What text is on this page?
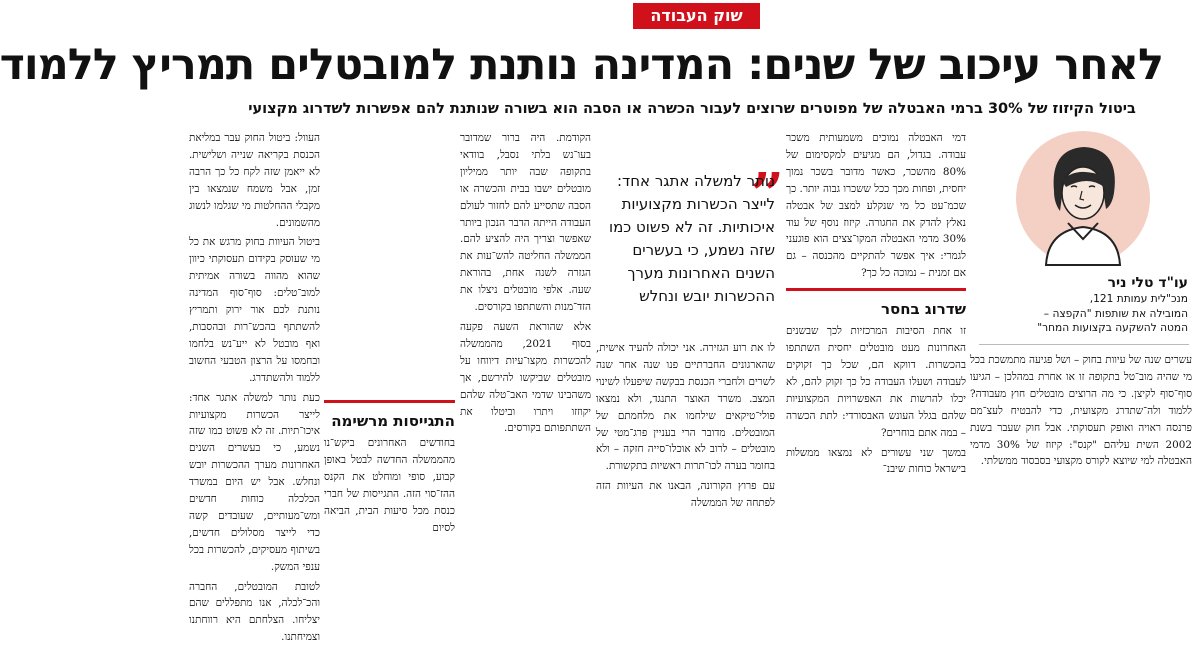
שוק העבודה
לאחר עיכוב של שנים: המדינה נותנת למובטלים תמריץ ללמוד
ביטול הקיזוז של 30% ברמי האבטלה של מפוטרים שרוצים לעבור הכשרה או הסבה הוא בשורה שנותנת להם אפשרות לשדרוג מקצועי
עו"ד טלי ניר
מנכ"לית עמותת 121,
המובילה את שותפות "הקפצה –
המטה להשקעה בקצועות המחר"

עשרים שנה של עיוות בחוק – ושל פגיעה מתמשכת בכל מי שהיה מוב־טל בתקופה זו או אחרת במהלכן – הגיעו סוף־סוף לקיצן. כי מה הרוצים מובטלים חוץ מעבודה? ללמוד ולה־שתדרג מקצועית, כדי להבטיח לעצ־מם פרנסה ראויה ואופק תעסוקתי. אבל חוק שעבר בשנת 2002 השית עליהם "קנס": קיזוז של 30% מדמי האבטלה למי שיוצא לקורס מקצועי בסבסוד ממשלתי.

דמי האבטלה נמוכים משמעותית משכר עבודה. בגדול, הם מגיעים למקסימום של 80% מהשכר, כאשר מדובר בשכר נמוך יחסית, ופחות מכך ככל ששכרו גבוה יותר. כך שכמ־עט כל מי שנקלע למצב של אבטלה נאלץ להדק את החגורה. קיזוז נוסף של עוד 30% מדמי האבטלה המקו־צצים הוא פוגעני לגמרי: איך אפשר להתקיים מהכנסה – גם אם זמנית – נמוכה כל כך?

שדרוג בחסר

זו אחת הסיבות המרכזיות לכך שבשנים האחרונות מעט מובטלים יחסית השתתפו בהכשרות. דווקא הם, שכל כך זקוקים לעבודה ושעלו העבודה כל כך זקוק להם, לא יכלו להרשות את האפשרויות המקצועיות שלהם בגלל העונש האבסורדי: לתת הכשרה – במה אתם בוחרים?

במשך שני עשורים לא נמצאו ממשלות בישראל כוחות שיבנ־

„
נותר למשלה אתגר אחד: לייצר הכשרות מקצועיות איכותיות. זה לא פשוט כמו שזה נשמע, כי בעשרים השנים האחרונות מערך ההכשרות יובש ונחלש

לו את רוע הגזירה. אני יכולה להעיד אישית, שהארגונים החברתיים פנו שנה אחר שנה לשרים ולחברי הכנסת בבקשה שיפעלו לשינוי המצב. משרד האוצר התנגד, ולא נמצאו פולי־טיקאים שילחמו את מלחמתם של המובטלים. מדובר הרי בעניין פרג־מטי של מובטלים – לרוב לא אוכלו־סייה חזקה – ולא בחומר בערה לכו־תרות ראשיות בתקשורת.

עם פרוץ הקורונה, הבאנו את העיוות הזה לפתחה של הממשלה

הקודמת. היה ברור שמדובר בעו־נש בלתי נסבל, בוודאי בתקופה שבה יותר ממיליון מובטלים ישבו בבית והכשרה או הסבה שתסייע להם לחזור לעולם העבודה הייתה הדבר הנכון ביותר שאפשר וצריך היה להציע להם. הממשלה החליטה להש־עות את הגזרה לשנה אחת, בהוראת שעה. אלפי מובטלים ניצלו את הזד־מנות והשתתפו בקורסים.

אלא שהוראת השעה פקעה בסוף 2021, מהממשלה להכשרות מקצו־עיות דיווחו על מובטלים שביקשו להירשם, אך משהבינו שדמי האב־טלה שלהם יקוזזו ויתרו וביטלו את השתתפותם בקורסים.

התגייסות מרשימה

בחודשים האחרונים ביקש־נו מהממשלה החדשה לבטל באופן קבוע, סופי ומוחלט את הקנס ההז־סוי הזה. התגייסות של חברי כנסת מכל סיעות הבית, הביאה לסיום

העוול: ביטול החוק עבר במליאת הכנסת בקריאה שנייה ושלישית. לא ייאמן שזה לקח כל כך הרבה זמן, אבל משמח שנמצאו בין מקבלי ההחלטות מי שגלמו לנשוג מהשמונים.

ביטול העיוות בחוק מרגש את כל מי שעוסק בקידום תעסוקתי כיוון שהוא מהווה בשורה אמיתית למוב־טלים: סוף־סוף המדינה נותנת לכם אור ירוק ותמריץ להשתתף בהכש־רות ובהסבות, ואף מובטל לא ייע־נש בלחמו ובחמסו על הרצון הטבעי החשוב ללמוד ולהשתדרג.

כעת נותר למשלה אתגר אחד: לייצר הכשרות מקצועיות איכו־תיות. זה לא פשוט כמו שזה נשמע, כי בעשרים השנים האחרונות מערך ההכשרות יובש ונחלש. אבל יש היום במשרד הכלכלה כוחות חדשים ומש־מעותיים, שעובדים קשה כדי לייצר מסלולים חדשים, בשיתוף מעסיקים, להכשרות בכל ענפי המשק.

לטובת המובטלים, החברה והכ־לכלה, אנו מתפללים שהם יצליחו. הצלחתם היא רווחתנו וצמיחתנו.
